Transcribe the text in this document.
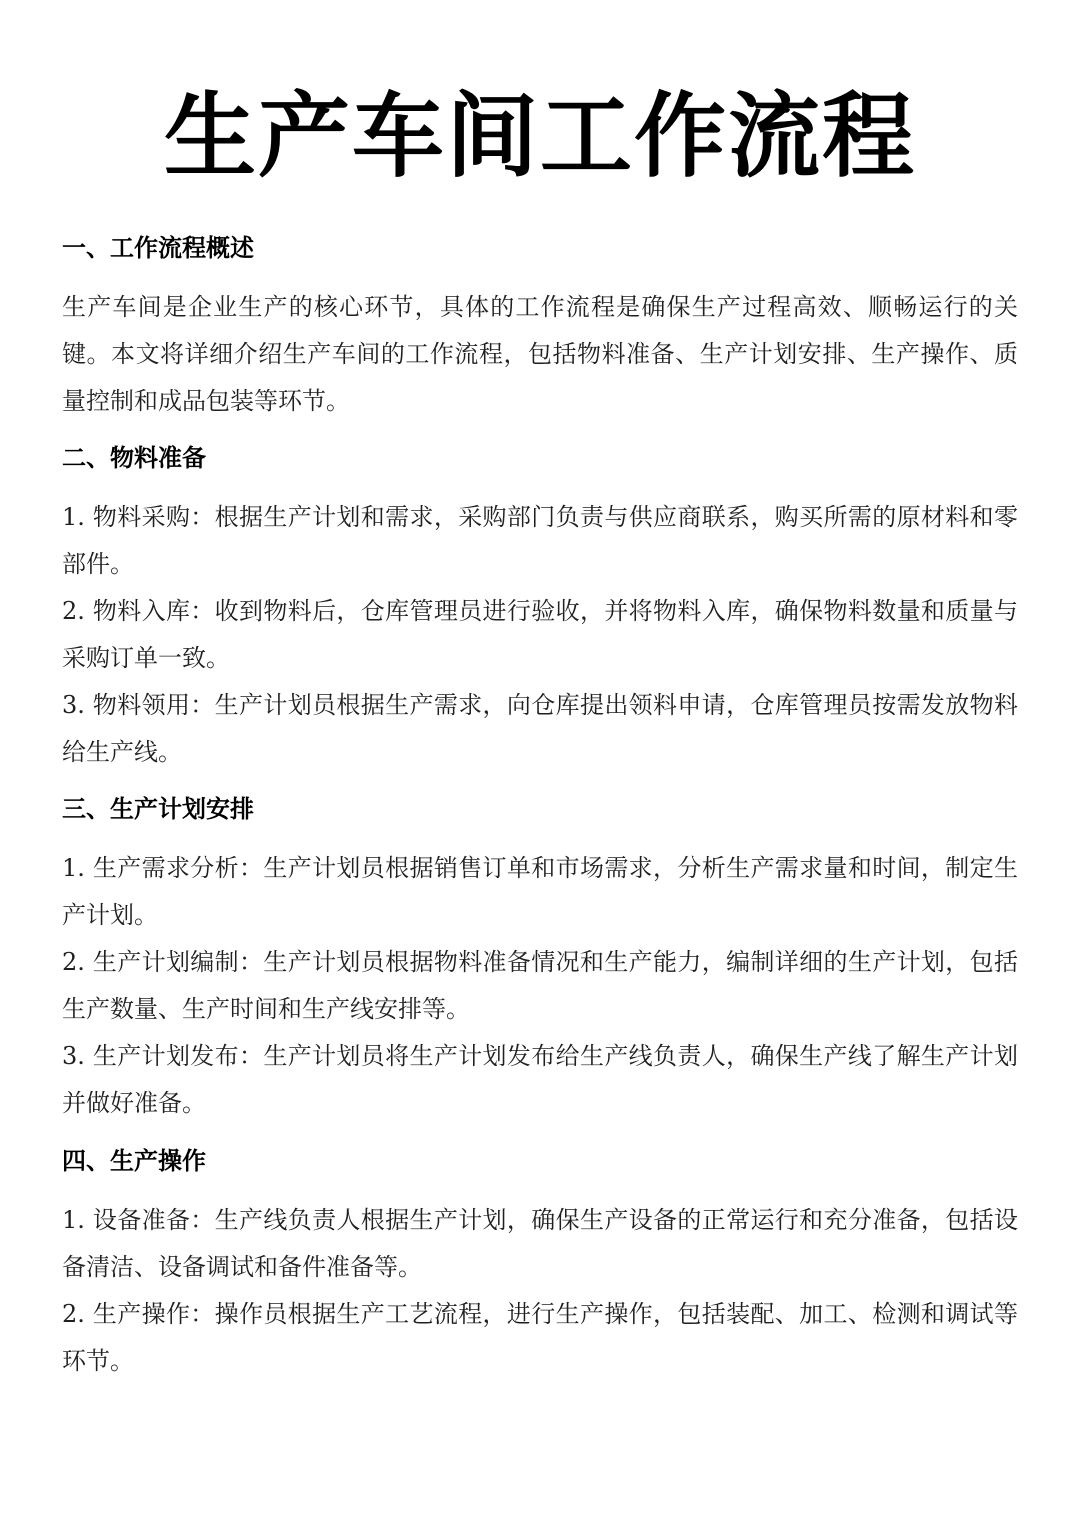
生产车间工作流程
一、工作流程概述

生产车间是企业生产的核心环节，具体的工作流程是确保生产过程高效、顺畅运行的关键。本文将详细介绍生产车间的工作流程，包括物料准备、生产计划安排、生产操作、质量控制和成品包装等环节。

二、物料准备

1. 物料采购：根据生产计划和需求，采购部门负责与供应商联系，购买所需的原材料和零部件。

2. 物料入库：收到物料后，仓库管理员进行验收，并将物料入库，确保物料数量和质量与采购订单一致。

3. 物料领用：生产计划员根据生产需求，向仓库提出领料申请，仓库管理员按需发放物料给生产线。

三、生产计划安排

1. 生产需求分析：生产计划员根据销售订单和市场需求，分析生产需求量和时间，制定生产计划。

2. 生产计划编制：生产计划员根据物料准备情况和生产能力，编制详细的生产计划，包括生产数量、生产时间和生产线安排等。

3. 生产计划发布：生产计划员将生产计划发布给生产线负责人，确保生产线了解生产计划并做好准备。

四、生产操作

1. 设备准备：生产线负责人根据生产计划，确保生产设备的正常运行和充分准备，包括设备清洁、设备调试和备件准备等。

2. 生产操作：操作员根据生产工艺流程，进行生产操作，包括装配、加工、检测和调试等环节。
